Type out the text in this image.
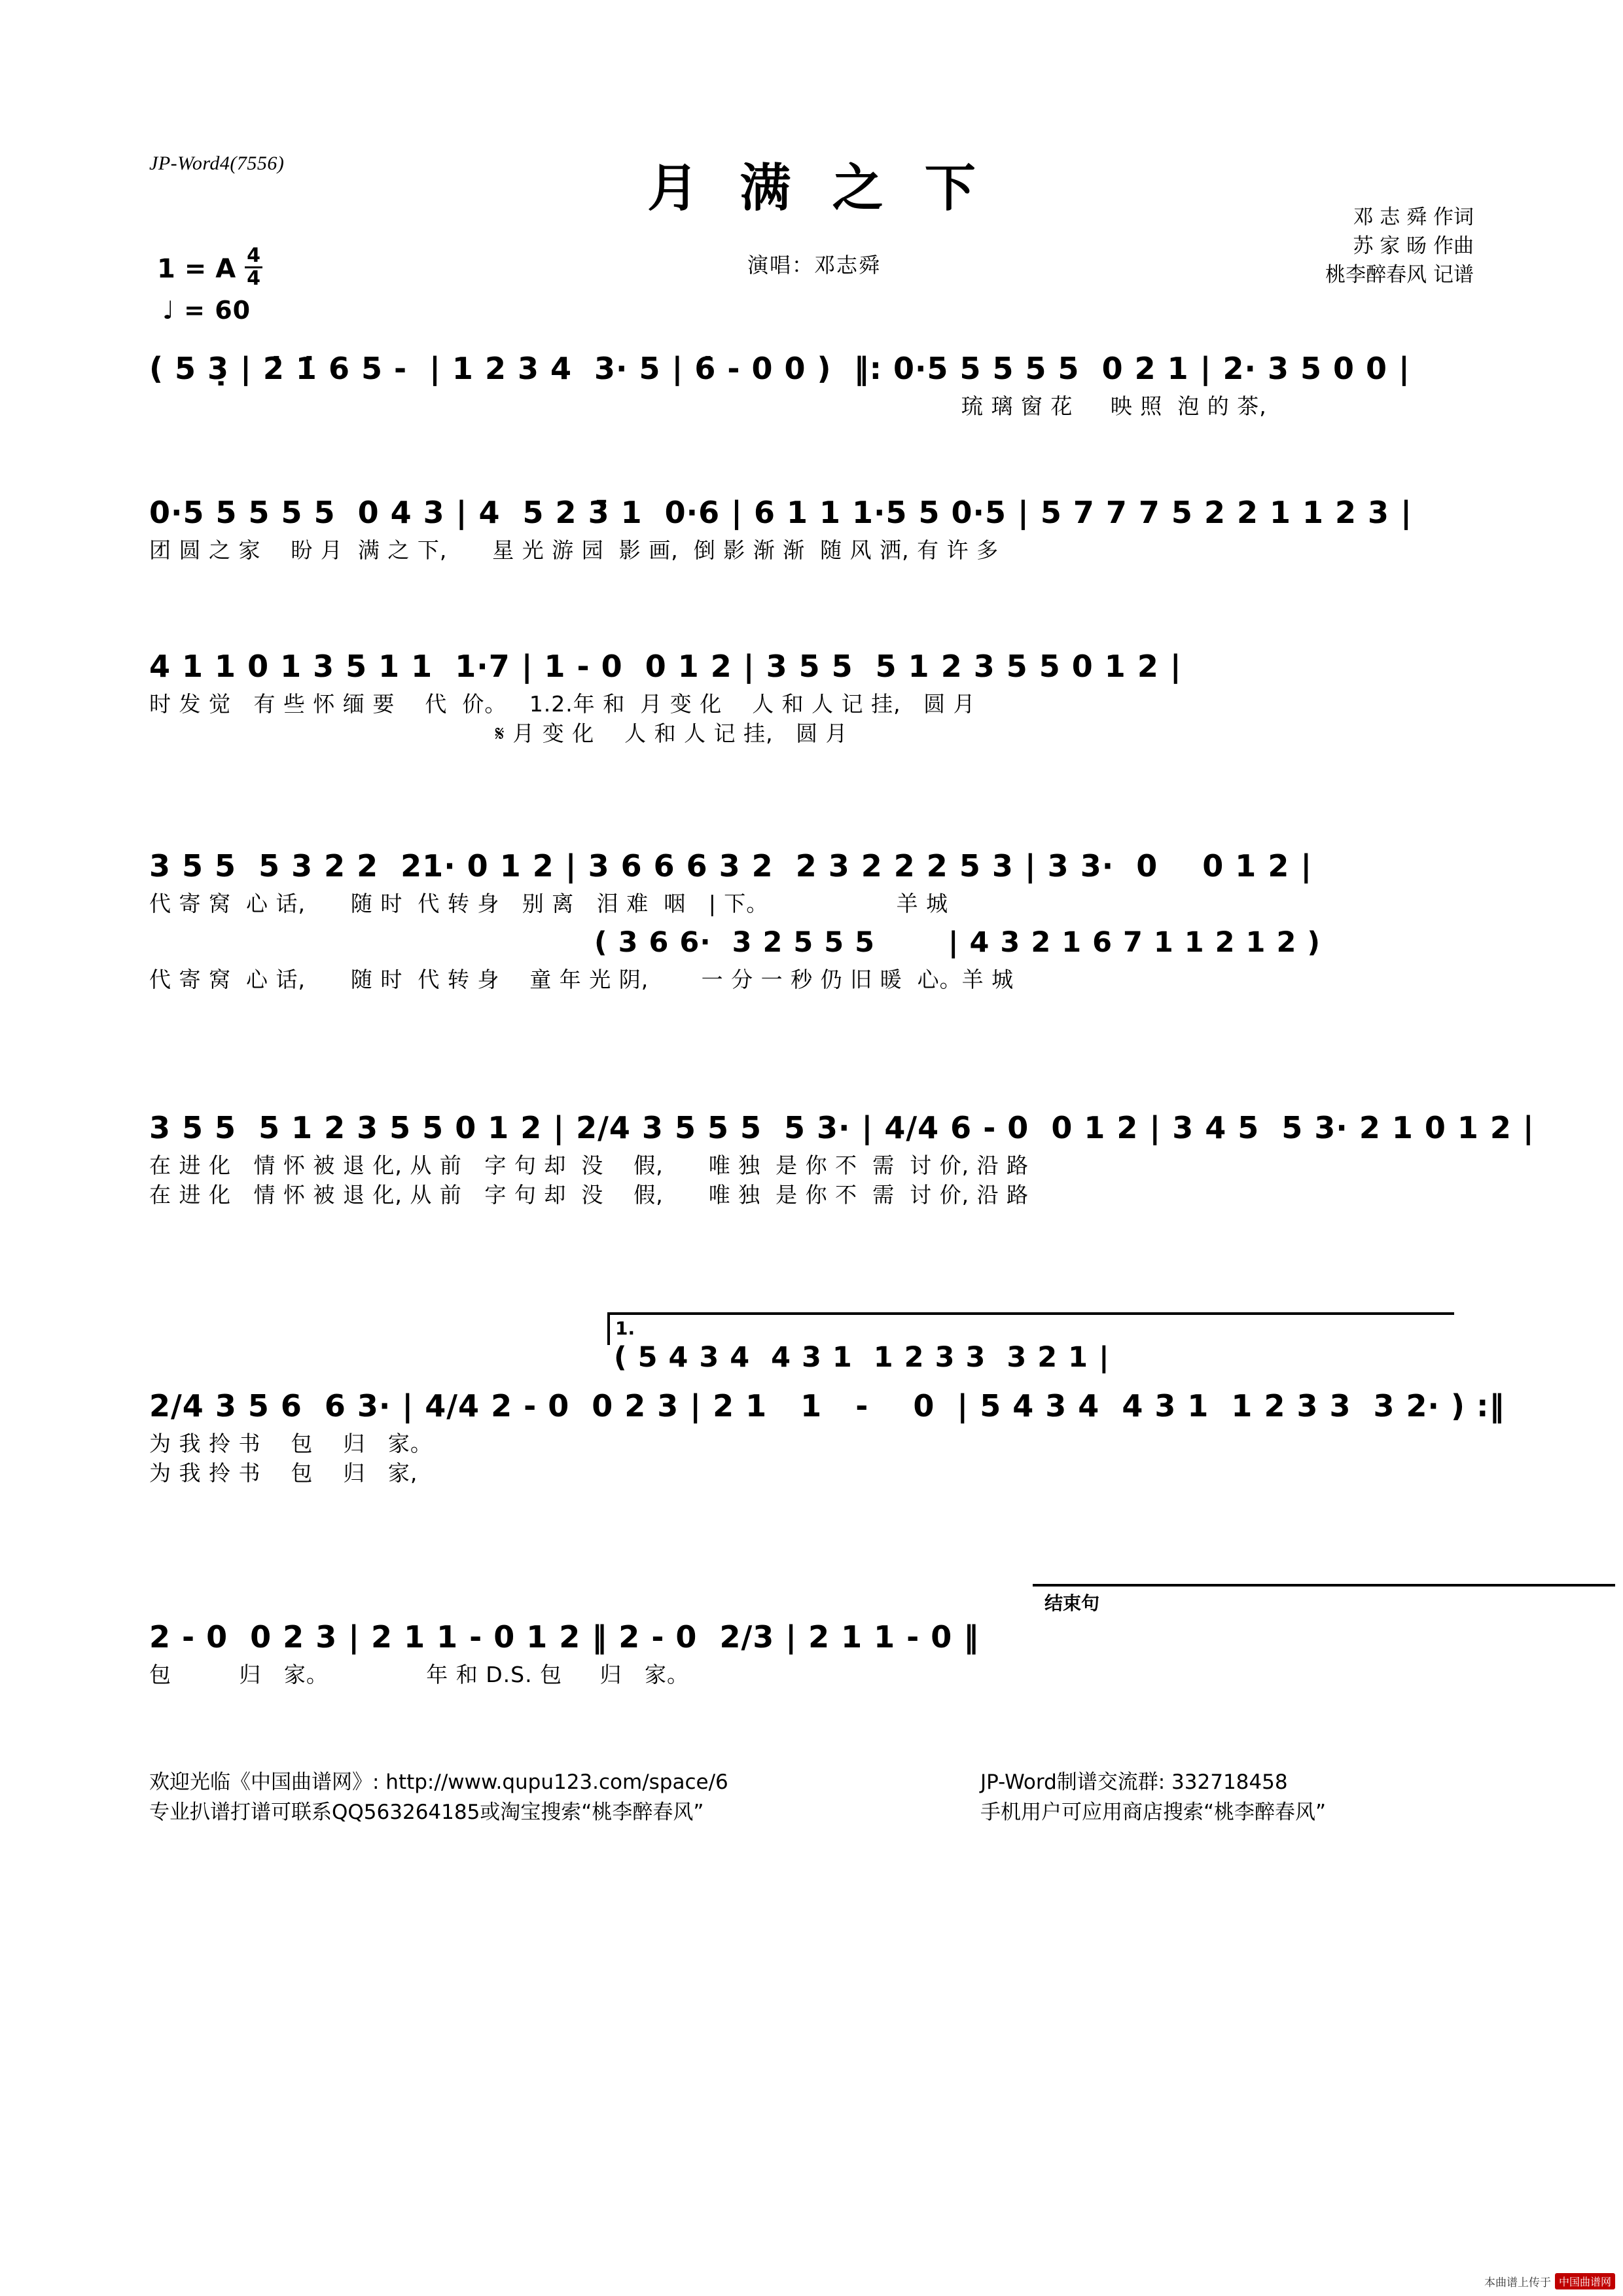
JP-Word4(7556)	月 满 之 下
演唱：邓志舜
邓 志 舜 作词
苏 家 旸 作曲
桃李醉春风 记谱
1 = A $\frac{4}{4}$
♩ = 60
( 5 3̣ | 2̇ 1̇ 6 5 -  | 1 2 3 4  3· 5 | 6̇ - 0 0 )  ‖: 0·5 5 5 5 5  0 2 1 | 2· 3 5 0 0 |
琉 璃 窗 花     映 照  泡 的 茶,
0·5 5 5 5 5  0 4 3 | 4  5 2 3̄ 1  0·6 | 6 1 1 1·5 5 0·5 | 5 7 7 7 5 2 2 1 1 2 3 |
团 圆 之 家    盼 月  满 之 下,      星 光 游 园  影 画,  倒 影 渐 渐  随 风 洒, 有 许 多
4 1 1 0 1 3 5 1 1  1·7 | 1 - 0  0 1 2 | 3 5 5  5 1 2 3 5 5 0 1 2 |
时 发 觉   有 些 怀 缅 要    代  价。   1.2.年 和  月 变 化    人 和 人 记 挂,   圆 月
𝄋 月 变 化    人 和 人 记 挂,   圆 月
3 5 5  5 3 2 2  21· 0 1 2 | 3 6 6 6 3 2  2 3 2 2 2 5 3 | 3 3·  0    0 1 2 |
代 寄 窝  心 话,      随 时  代 转 身   别 离   泪 难  咽   | 下。                 羊 城
( 3 6 6·  3 2 5 5 5       | 4 3 2 1 6 7 1 1 2 1 2 )
代 寄 窝  心 话,      随 时  代 转 身    童 年 光 阴,       一 分 一 秒 仍 旧 暖  心。羊 城
3 5 5  5 1 2 3 5 5 0 1 2 | 2/4 3 5 5 5  5 3· | 4/4 6 - 0  0 1 2 | 3 4 5  5 3· 2 1 0 1 2 |
在 进 化   情 怀 被 退 化, 从 前   字 句 却  没    假,      唯 独  是 你 不  需  讨 价, 沿 路
在 进 化   情 怀 被 退 化, 从 前   字 句 却  没    假,      唯 独  是 你 不  需  讨 价, 沿 路
1.
( 5 4 3 4  4 3 1  1 2 3 3  3 2 1 |
2/4 3 5 6  6 3· | 4/4 2 - 0  0 2 3 | 2 1   1   -    0  | 5 4 3 4  4 3 1  1 2 3 3  3 2· ) :‖
为 我 拎 书    包    归   家。
为 我 拎 书    包    归   家,
结束句
2 - 0  0 2 3 | 2 1 1 - 0 1 2 ‖ 2 - 0  2/3 | 2 1 1 - 0 ‖
包         归   家。             年 和 D.S. 包     归   家。
欢迎光临《中国曲谱网》: http://www.qupu123.com/space/6
专业扒谱打谱可联系QQ563264185或淘宝搜索“桃李醉春风”
JP-Word制谱交流群: 332718458
手机用户可应用商店搜索“桃李醉春风”
本曲谱上传于 中国曲谱网
